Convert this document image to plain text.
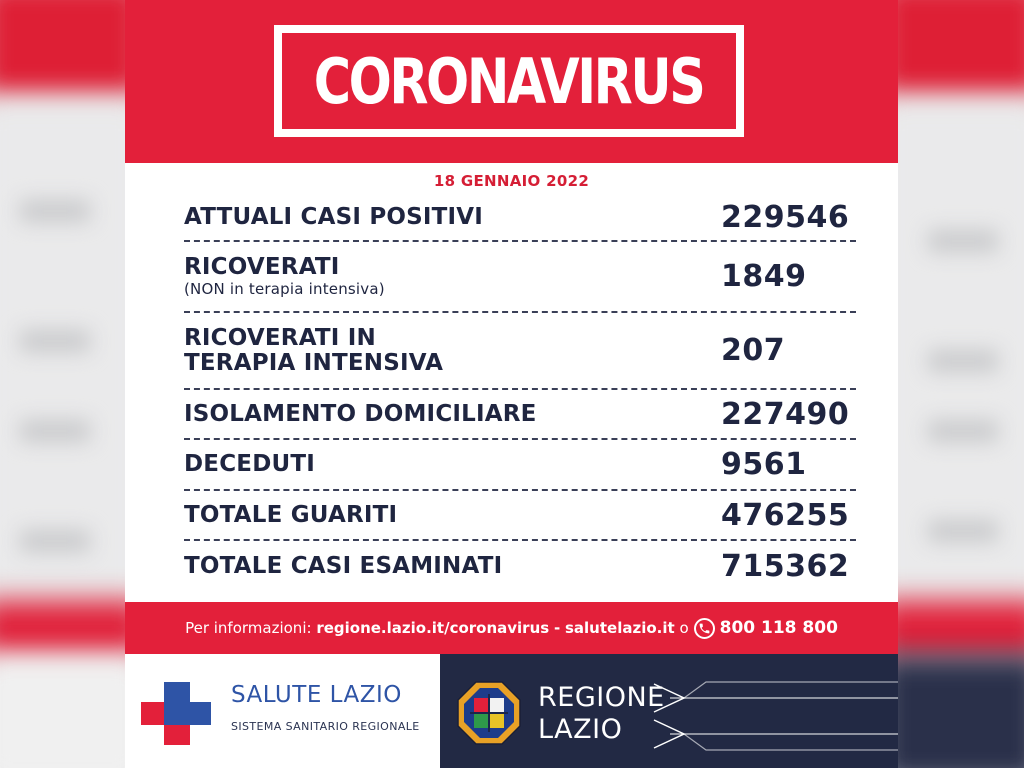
CORONAVIRUS
18 GENNAIO 2022
ATTUALI CASI POSITIVI	229546
RICOVERATI
(NON in terapia intensiva)	1849
RICOVERATI IN
TERAPIA INTENSIVA	207
ISOLAMENTO DOMICILIARE	227490
DECEDUTI	9561
TOTALE GUARITI	476255
TOTALE CASI ESAMINATI	715362
Per informazioni:
regione.lazio.it/coronavirus
-
salutelazio.it
o 800 118 800
SALUTE LAZIO
SISTEMA SANITARIO REGIONALE
REGIONE
LAZIO
